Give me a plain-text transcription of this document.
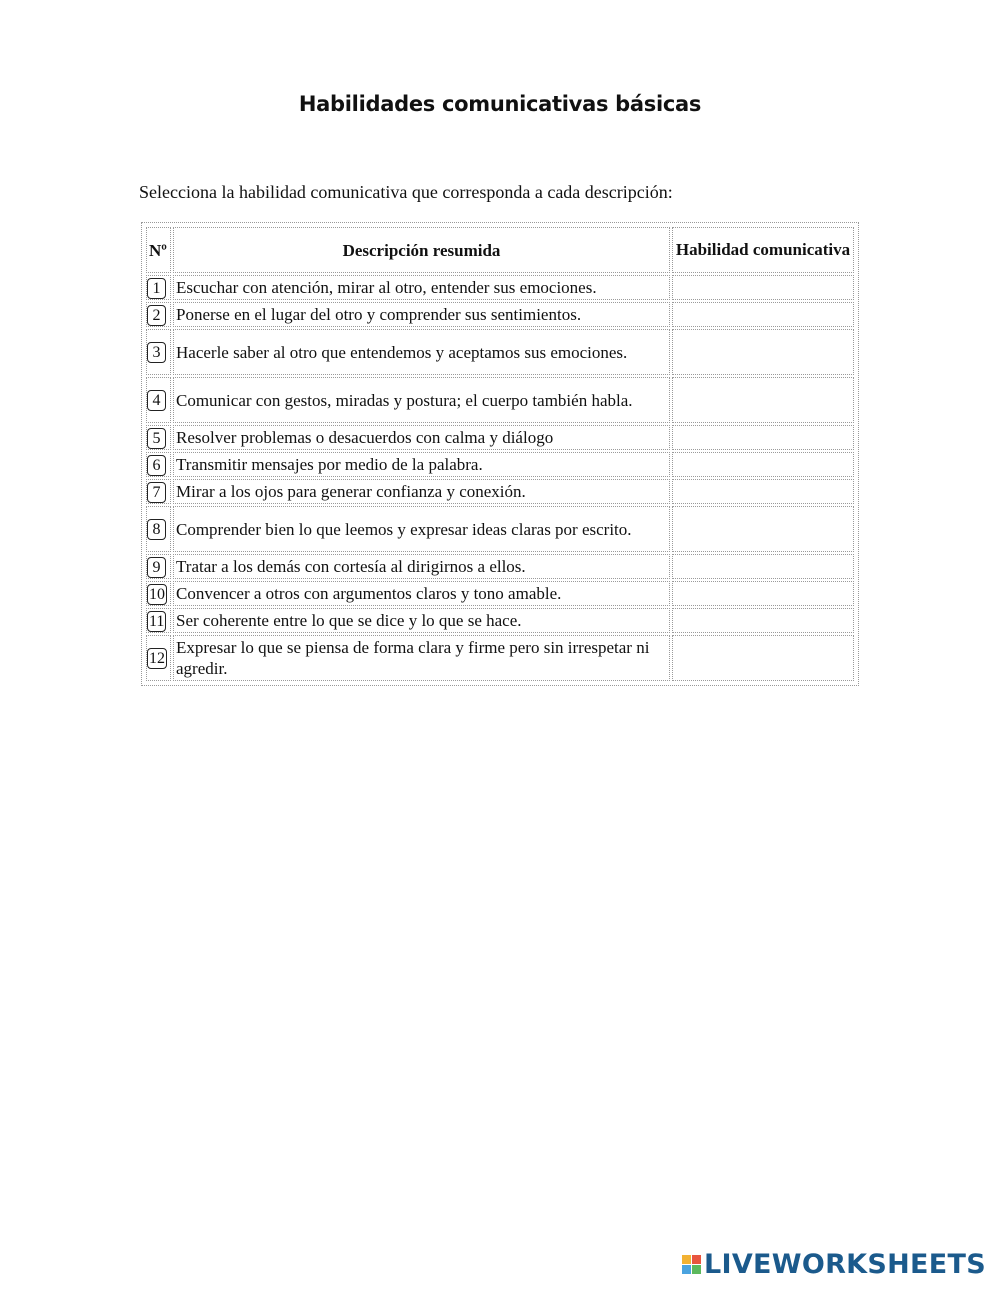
Habilidades comunicativas básicas

Selecciona la habilidad comunicativa que corresponda a cada descripción:

Nº	Descripción resumida	Habilidad comunicativa
1	Escuchar con atención, mirar al otro, entender sus emociones.	
2	Ponerse en el lugar del otro y comprender sus sentimientos.	
3	Hacerle saber al otro que entendemos y aceptamos sus emociones.	
4	Comunicar con gestos, miradas y postura; el cuerpo también habla.	
5	Resolver problemas o desacuerdos con calma y diálogo	
6	Transmitir mensajes por medio de la palabra.	
7	Mirar a los ojos para generar confianza y conexión.	
8	Comprender bien lo que leemos y expresar ideas claras por escrito.	
9	Tratar a los demás con cortesía al dirigirnos a ellos.	
10	Convencer a otros con argumentos claros y tono amable.	
11	Ser coherente entre lo que se dice y lo que se hace.	
12	Expresar lo que se piensa de forma clara y firme pero sin irrespetar ni agredir.	
LIVEWORKSHEETS
